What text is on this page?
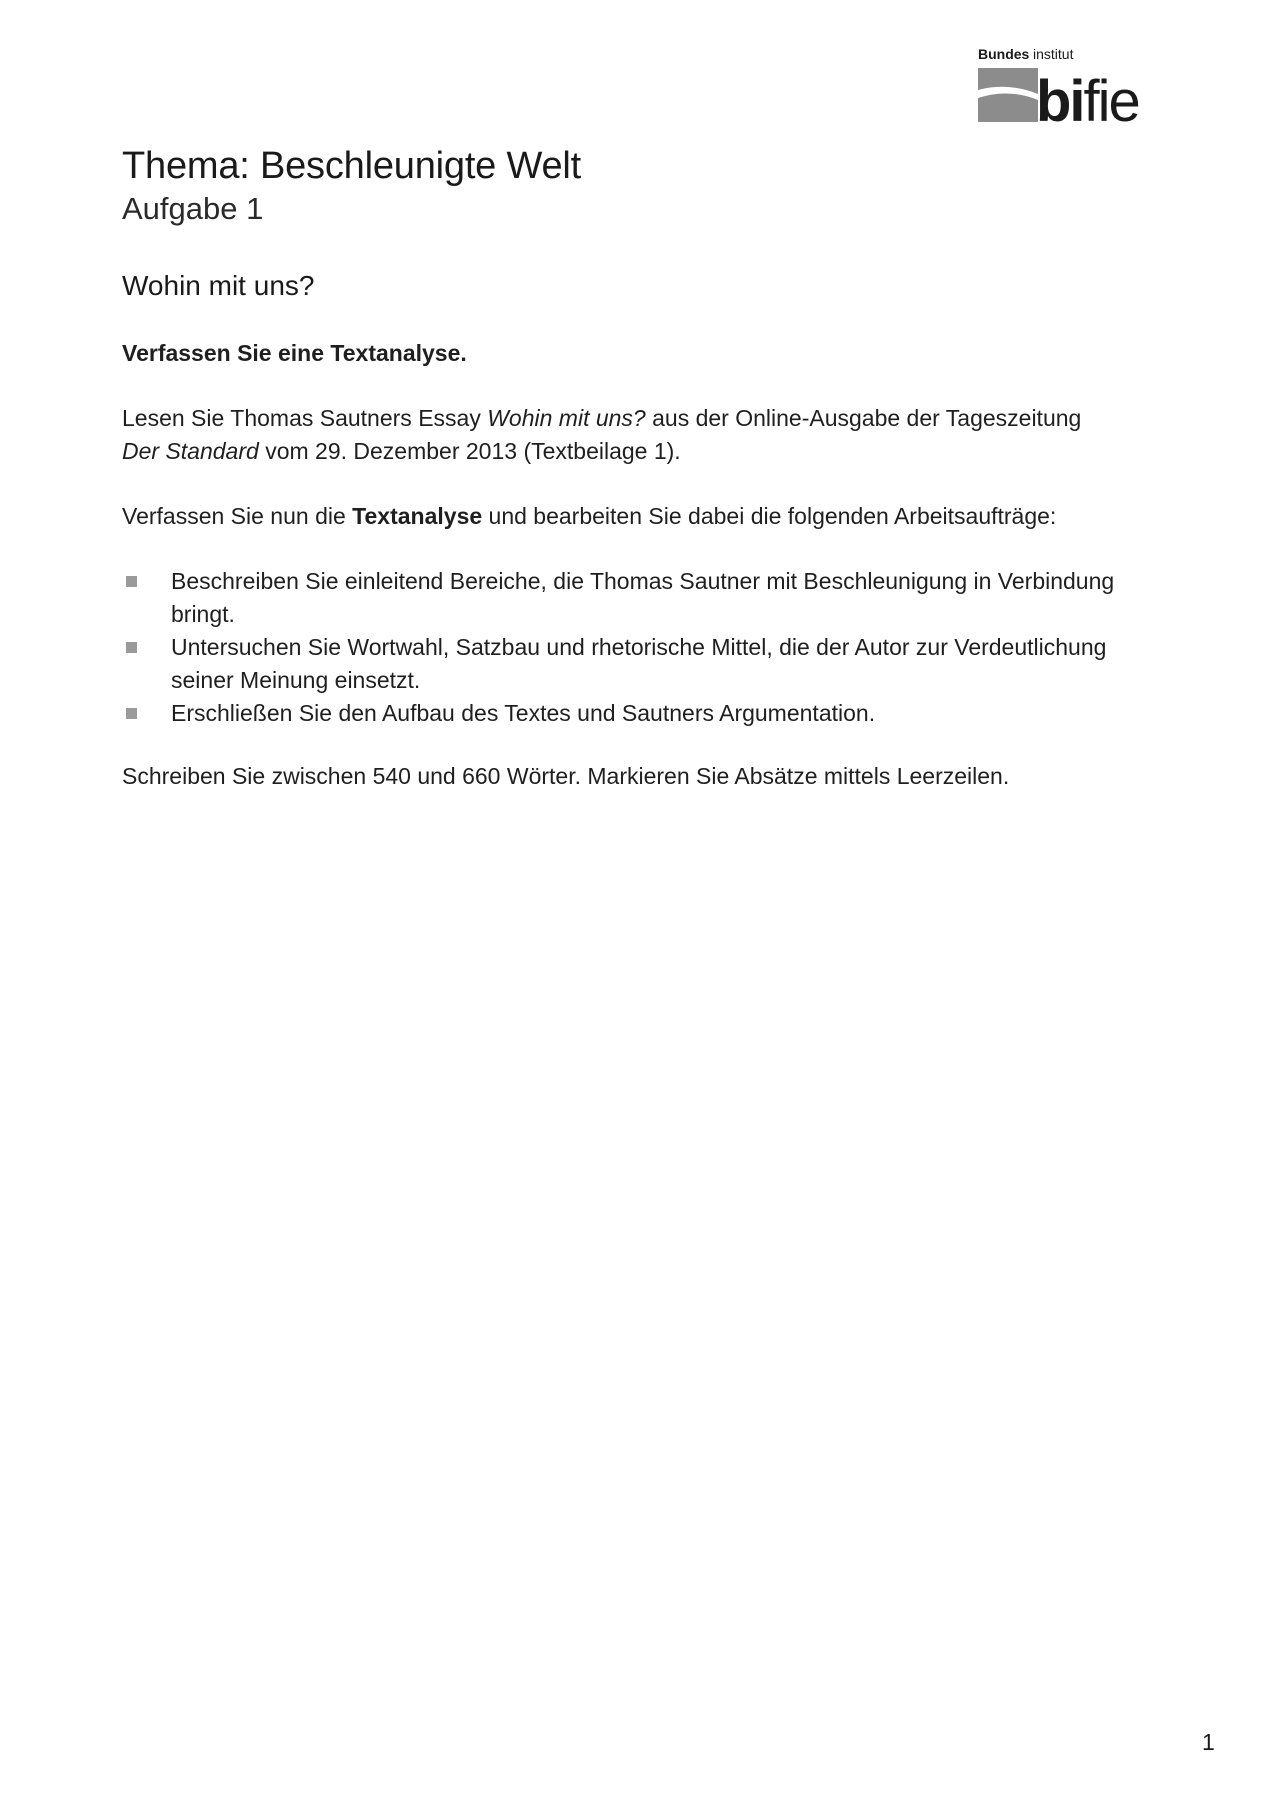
Bundes institut
bifie
Thema: Beschleunigte Welt
Aufgabe 1
Wohin mit uns?
Verfassen Sie eine Textanalyse.

Lesen Sie Thomas Sautners Essay Wohin mit uns? aus der Online-Ausgabe der Tageszeitung
Der Standard vom 29. Dezember 2013 (Textbeilage 1).

Verfassen Sie nun die Textanalyse und bearbeiten Sie dabei die folgenden Arbeitsaufträge:

Beschreiben Sie einleitend Bereiche, die Thomas Sautner mit Beschleunigung in Verbindung bringt.
Untersuchen Sie Wortwahl, Satzbau und rhetorische Mittel, die der Autor zur Verdeutlichung seiner Meinung einsetzt.
Erschließen Sie den Aufbau des Textes und Sautners Argumentation.
Schreiben Sie zwischen 540 und 660 Wörter. Markieren Sie Absätze mittels Leerzeilen.
1
